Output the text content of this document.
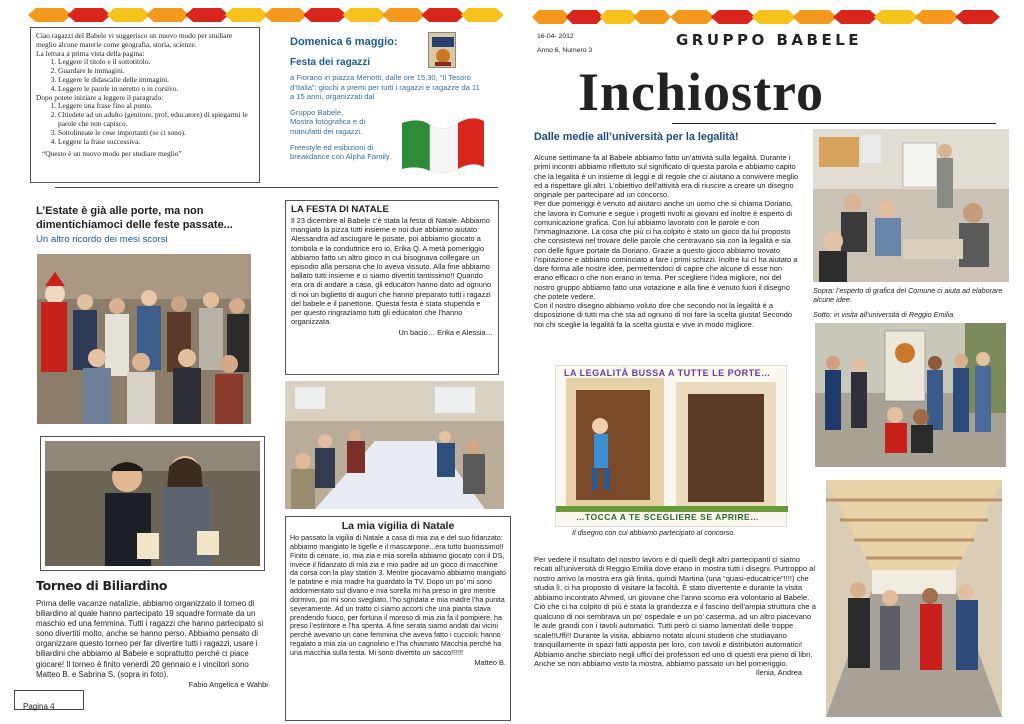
Ciao ragazzi del Babele vi suggerisco un nuovo modo per studiare meglio alcune materie come geografia, storia, scienze.
La lettura a prima vista della pagina:
1. Leggere il titolo e il sottotitolo.
2. Guardare le immagini.
3. Leggere le didascalie delle immagini.
4. Leggere le parole in neretto o in corsivo.
Dopo potete iniziare a leggere il paragrafo:
1. Leggere una frase fino al punto.
2. Chiedete ad un adulto (genitore, prof, educatore) di spiegarmi le parole che non capisco.
3. Sottolineate le cose importanti (se ci sono).
4. Leggete la frase successiva.
“Questo è un nuovo modo per studiare meglio”
Domenica 6 maggio:
Festa dei ragazzi
a Fiorano in piazza Menotti, dalle ore 15,30, “Il Tesoro d’Italia”: giochi a premi per tutti i ragazzi e ragazze da 11 a 15 anni, organizzati dal
Gruppo Babele.
Mostra fotografica e di manufatti dei ragazzi.
Freestyle ed esibizioni di breakdance con Alpha Family.
L’Estate è già alle porte, ma non dimentichiamoci delle feste passate...
Un altro ricordo dei mesi scorsi
LA FESTA DI NATALE
Il 23 dicembre al Babele c’è stata la festa di Natale. Abbiamo mangiato la pizza tutti insieme e noi due abbiamo aiutato Alessandra ad asciugare le posate, poi abbiamo giocato a tombola e la conduttrice ero io, Erika Q. A metà pomeriggio abbiamo fatto un altro gioco in cui bisognava collegare un episodio alla persona che lo aveva vissuto. Alla fine abbiamo ballato tutti insieme e ci siamo divertiti tantissimo!! Quando era ora di andare a casa, gli educatori hanno dato ad ognuno di noi un biglietto di auguri che hanno preparato tutti i ragazzi del babele e il panettone. Questa festa è stata stupenda e per questo ringraziamo tutti gli educatori che l’hanno organizzata.
Un bacio… Erika e Alessia…
La mia vigilia di Natale
Ho passato la vigilia di Natale a casa di mia zia e del suo fidanzato: abbiamo mangiato le tigelle e il mascarpone...era tutto buonissimo!! Finito di cenare, io, mia zia e mia sorella abbiamo giocato con il DS, invece il fidanzato di mia zia e mio padre ad un gioco di macchine da corsa con la play station 3. Mentre giocavamo abbiamo mangiato le patatine e mia madre ha guardato la TV. Dopo un po’ mi sono addormentato sul divano e mia sorella mi ha preso in giro mentre dormivo, poi mi sono svegliato, l’ho sgridata e mia madre l’ha punita severamente. Ad un tratto ci siamo accorti che una pianta stava prendendo fuoco, per fortuna il moroso di mia zia fa il pompiere, ha preso l’estintore e l’ha spenta. A fine serata siamo andati dai vicini perchè avevano un cane femmina che aveva fatto i cuccioli: hanno regalato a mia zia un cagnolino e l’ha chiamato Macchia perché ha una macchia sulla testa. Mi sono divertito un sacco!!!!!!
Matteo B.
Torneo di Biliardino
Prima delle vacanze natalizie, abbiamo organizzato il torneo di biliardino al quale hanno partecipato 19 squadre formate da un maschio ed una femmina. Tutti i ragazzi che hanno partecipato si sono divertiti molto, anche se hanno perso. Abbiamo pensato di organizzare questo torneo per far divertire tutti i ragazzi, usare i biliardini che abbiamo al Babele e soprattutto perché ci piace giocare! Il torneo è finito venerdì 20 gennaio e i vincitori sono Matteo B. e Sabrina S. (sopra in foto).
Fabio Angelica e Wahbi
Pagina 4
16-04- 2012
Anno 6, Numero 3
GRUPPO BABELE
Inchiostro
Dalle medie all’università per la legalità!
Alcune settimane fa al Babele abbiamo fatto un’attività sulla legalità. Durante i primi incontri abbiamo riflettuto sul significato di questa parola e abbiamo capito che la legalità è un insieme di leggi e di regole che ci aiutano a convivere meglio ed a rispettare gli altri. L’obiettivo dell’attività era di riuscire a creare un disegno originale per partecipare ad un concorso.
Per due pomeriggi è venuto ad aiutarci anche un uomo che si chiama Doriano, che lavora in Comune e segue i progetti rivolti ai giovani ed inoltre è esperto di comunicazione grafica. Con lui abbiamo lavorato con le parole e con l’immaginazione. La cosa che più ci ha colpito è stato un gioco da lui proposto che consisteva nel trovare delle parole che centravano sia con la legalità e sia con delle figure portate da Doriano. Grazie a questo gioco abbiamo trovato l’ispirazione e abbiamo cominciato a fare i primi schizzi. Inoltre lui ci ha aiutato a dare forma alle nostre idee, permettendoci di capire che alcune di esse non erano efficaci o che non erano in tema. Per scegliere l’idea migliore, noi del nostro gruppo abbiamo fatto una votazione e alla fine è venuto fuori il disegno che potete vedere.
Con il nostro disegno abbiamo voluto dire che secondo noi la legalità è a disposizione di tutti ma che sta ad ognuno di noi fare la scelta giusta! Secondo noi chi sceglie la legalità fa la scelta giusta e vive in modo migliore.
LA LEGALITÀ BUSSA A TUTTE LE PORTE…
…TOCCA A TE SCEGLIERE SE APRIRE…
Il disegno con cui abbiamo partecipato al concorso.
Sopra: l’esperto di grafica del Comune ci aiuta ad elaborare alcune idee.
Sotto: in visita all’università di Reggio Emilia
Per vedere il risultato del nostro lavoro e di quelli degli altri partecipanti ci siamo recati all’università di Reggio Emilia dove erano in mostra tutti i disegni. Purtroppo al nostro arrivo la mostra era già finita, quindi Martina (una “quasi-educatrice”!!!!) che studia lì, ci ha proposto di visitare la facoltà. È stato divertente e durante la visita abbiamo incontrato Ahmed, un giovane che l’anno scorso era volontario al Babele. Ciò che ci ha colpito di più è stata la grandezza e il fascino dell’ampia struttura che a qualcuno di noi sembrava un po’ ospedale e un po’ caserma, ad un altro piacevano le aule grandi con i tavoli automatici. Tutti però ci siamo lamentati delle troppe scale!!Uffi!! Durante la visita, abbiamo notato alcuni studenti che studiavano tranquillamente in spazi fatti apposta per loro, con tavoli e distributori automatici! Abbiamo anche sbirciato negli uffici dei professori ed uno di questi era pieno di libri. Anche se non abbiamo visto la mostra, abbiamo passato un bel pomeriggio.
Ilenia, Andrea
